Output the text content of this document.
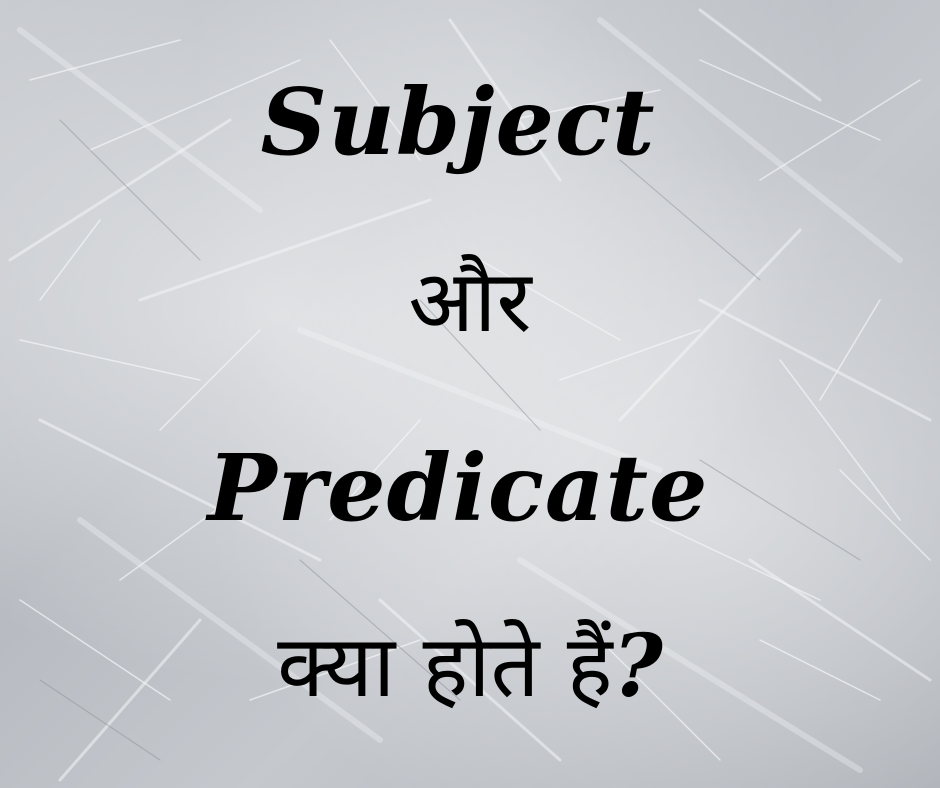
Subject
और
Predicate
क्या होते हैं?
